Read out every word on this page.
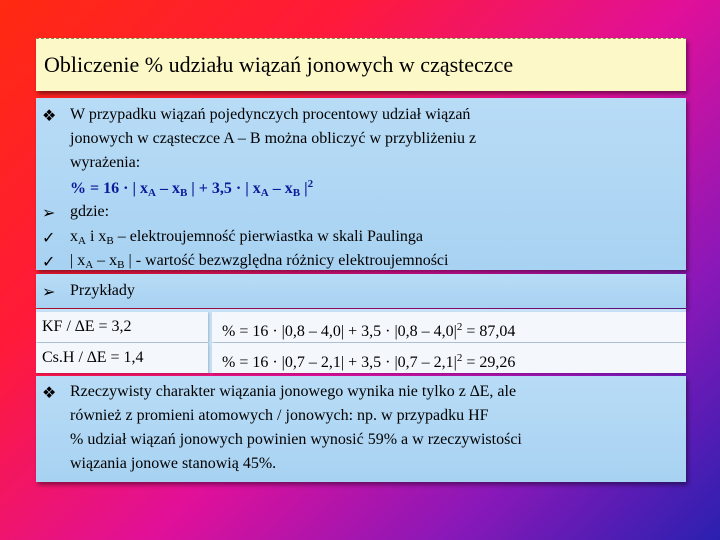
Obliczenie % udziału wiązań jonowych w cząsteczce
❖ W przypadku wiązań pojedynczych procentowy udział wiązań
jonowych w cząsteczce A – B można obliczyć w przybliżeniu z
wyrażenia:
% = 16 · | $x_A - x_B$ | + 3,5 · | $x_A - x_B$ $|^2$
➢ gdzie:
✓ $x_A$ i $x_B$ – elektroujemność pierwiastka w skali Paulinga
✓ | $x_A - x_B$ | - wartość bezwzględna różnicy elektroujemności
➢ Przykłady
KF / ∆E = 3,2	% = $16 \cdot |0,8 - 4,0| + 3,5 \cdot |0,8 - 4,0|^2 = 87,04$
Cs.H / ∆E = 1,4	% = $16 \cdot |0,7 - 2,1| + 3,5 \cdot |0,7 - 2,1|^2 = 29,26$
❖ Rzeczywisty charakter wiązania jonowego wynika nie tylko z ∆E, ale
również z promieni atomowych / jonowych: np. w przypadku HF
% udział wiązań jonowych powinien wynosić 59% a w rzeczywistości
wiązania jonowe stanowią 45%.
